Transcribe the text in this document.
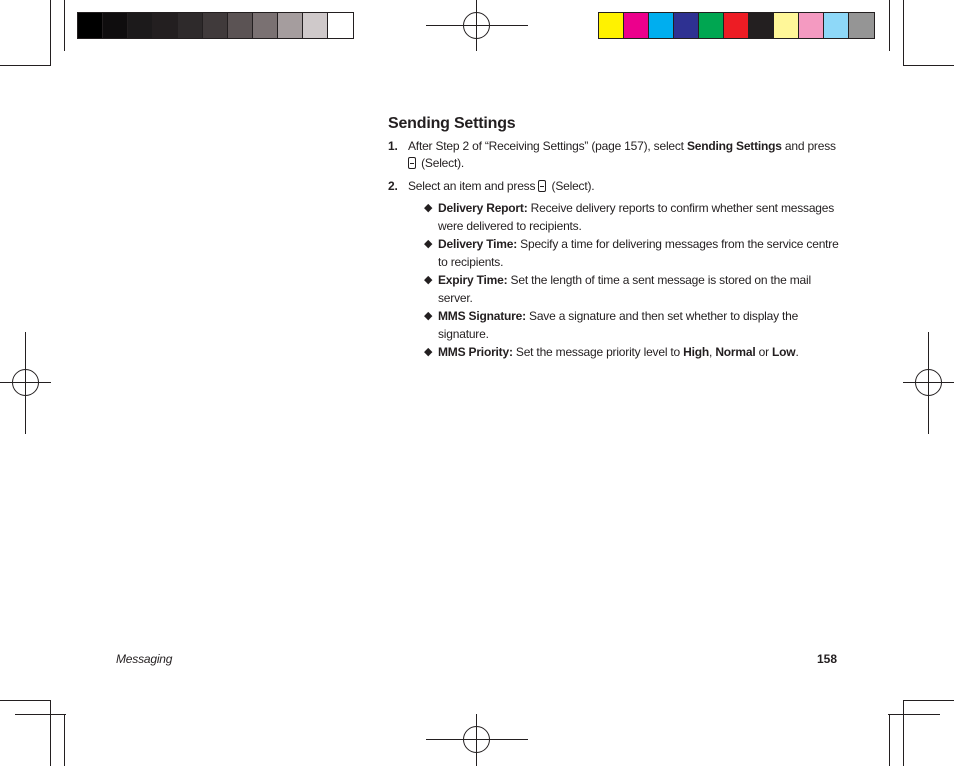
Sending Settings
1. After Step 2 of “Receiving Settings” (page 157), select Sending Settings and press
(Select).
2. Select an item and press  (Select).
◆ Delivery Report: Receive delivery reports to confirm whether sent messages were delivered to recipients.
◆ Delivery Time: Specify a time for delivering messages from the service centre to recipients.
◆ Expiry Time: Set the length of time a sent message is stored on the mail server.
◆ MMS Signature: Save a signature and then set whether to display the signature.
◆ MMS Priority: Set the message priority level to High, Normal or Low.
Messaging	158
